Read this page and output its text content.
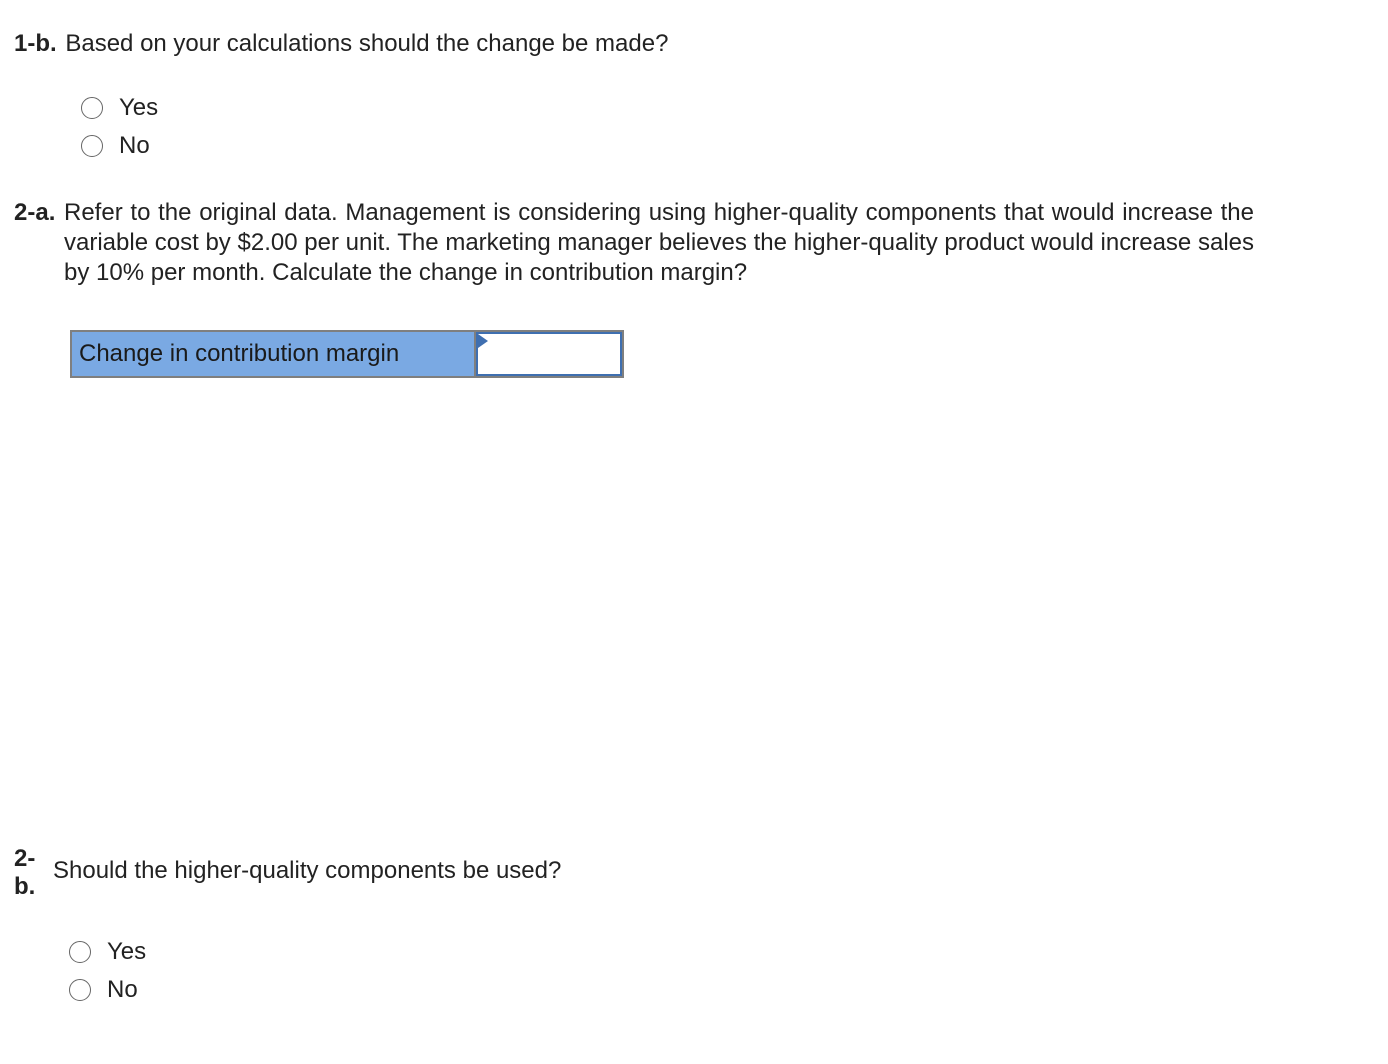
1-b. Based on your calculations should the change be made?
Yes
No
2-a. Refer to the original data. Management is considering using higher-quality components that would increase the variable cost by $2.00 per unit. The marketing manager believes the higher-quality product would increase sales by 10% per month. Calculate the change in contribution margin?
Change in contribution margin
2-
b.
Should the higher-quality components be used?
Yes
No
